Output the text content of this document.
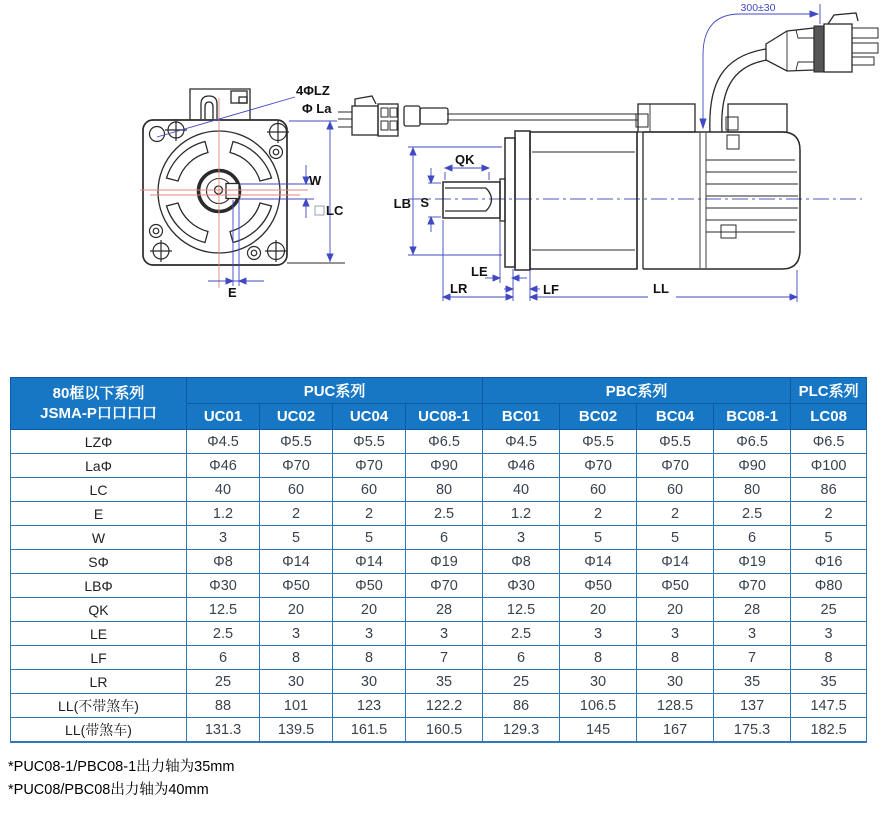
4ΦLZ
Φ La
W
LC
E
QK
LB S
LE
LR	LF	LL
300±30
80框以下系列
JSMA-P口口口口	PUC系列				PBC系列				PLC系列
	UC01	UC02	UC04	UC08-1	BC01	BC02	BC04	BC08-1	LC08
LZΦ	Φ4.5	Φ5.5	Φ5.5	Φ6.5	Φ4.5	Φ5.5	Φ5.5	Φ6.5	Φ6.5
LaΦ	Φ46	Φ70	Φ70	Φ90	Φ46	Φ70	Φ70	Φ90	Φ100
LC	40	60	60	80	40	60	60	80	86
E	1.2	2	2	2.5	1.2	2	2	2.5	2
W	3	5	5	6	3	5	5	6	5
SΦ	Φ8	Φ14	Φ14	Φ19	Φ8	Φ14	Φ14	Φ19	Φ16
LBΦ	Φ30	Φ50	Φ50	Φ70	Φ30	Φ50	Φ50	Φ70	Φ80
QK	12.5	20	20	28	12.5	20	20	28	25
LE	2.5	3	3	3	2.5	3	3	3	3
LF	6	8	8	7	6	8	8	7	8
LR	25	30	30	35	25	30	30	35	35
LL(不带煞车)	88	101	123	122.2	86	106.5	128.5	137	147.5
LL(带煞车)	131.3	139.5	161.5	160.5	129.3	145	167	175.3	182.5

*PUC08-1/PBC08-1出力轴为35mm

*PUC08/PBC08出力轴为40mm
